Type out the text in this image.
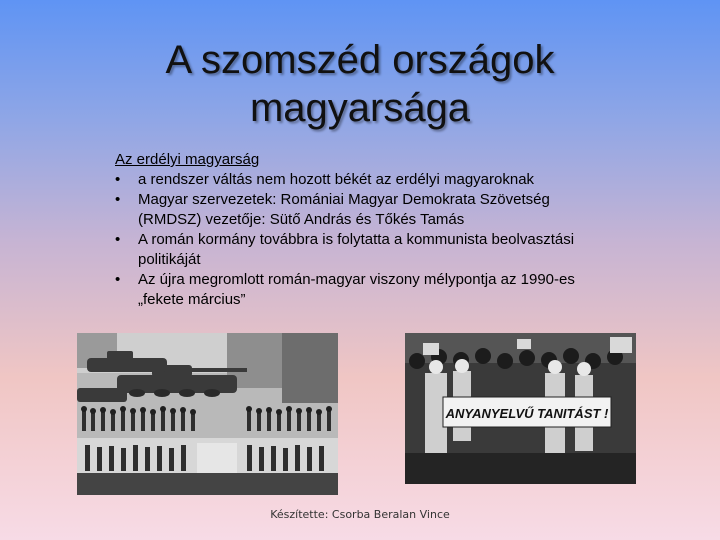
A szomszéd országok magyarsága
Az erdélyi magyarság
• a rendszer váltás nem hozott békét az erdélyi magyaroknak
• Magyar szervezetek: Romániai Magyar Demokrata Szövetség (RMDSZ) vezetője: Sütő András és Tőkés Tamás
• A román kormány továbbra is folytatta a kommunista beolvasztási politikáját
• Az újra megromlott román-magyar viszony mélypontja az 1990-es „fekete március”
ANYANYELVŰ TANITÁST !
Készítette: Csorba Beralan Vince
